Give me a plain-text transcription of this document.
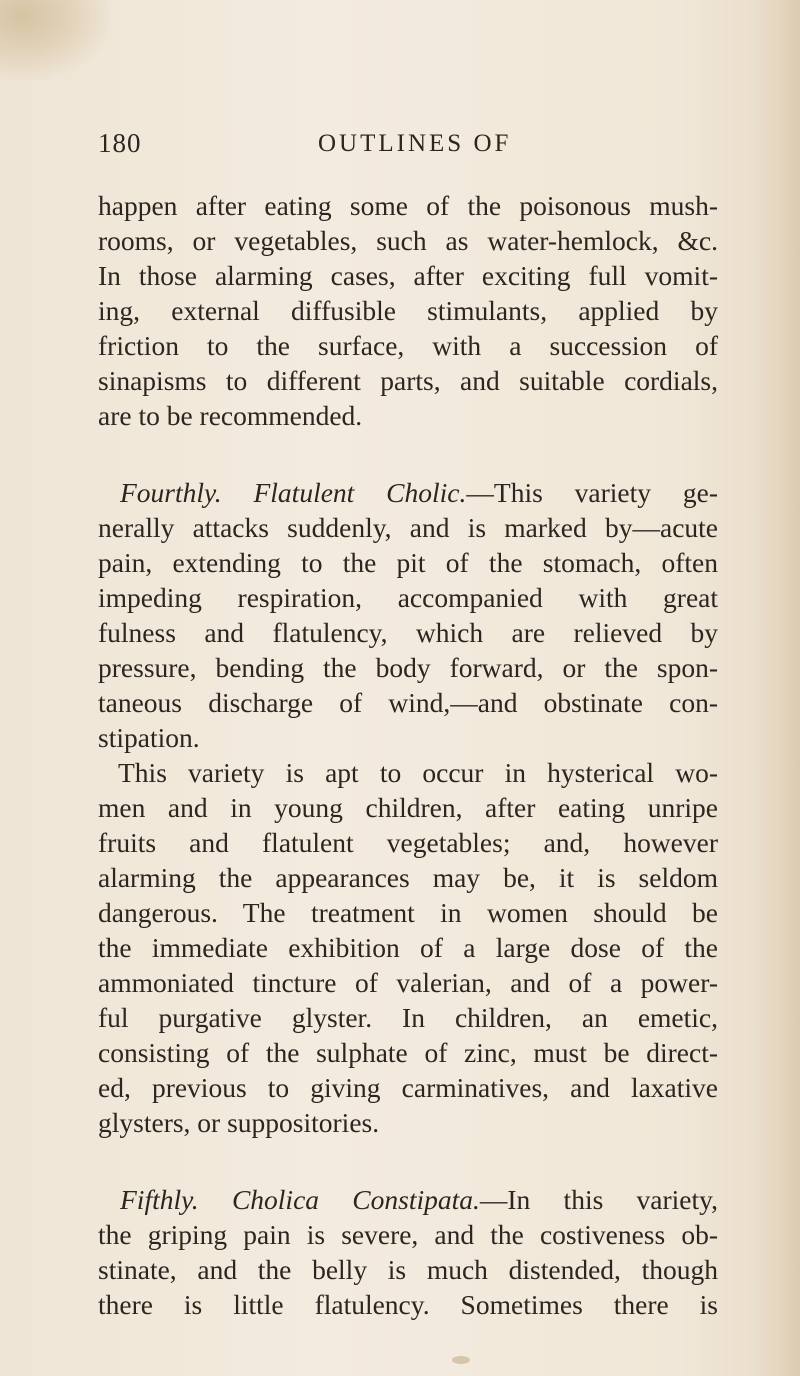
180	OUTLINES OF
happen after eating some of the poisonous mush-
rooms, or vegetables, such as water-hemlock, &c.
In those alarming cases, after exciting full vomit-
ing, external diffusible stimulants, applied by
friction to the surface, with a succession of
sinapisms to different parts, and suitable cordials,
are to be recommended.
Fourthly. Flatulent Cholic.—This variety ge-
nerally attacks suddenly, and is marked by—acute
pain, extending to the pit of the stomach, often
impeding respiration, accompanied with great
fulness and flatulency, which are relieved by
pressure, bending the body forward, or the spon-
taneous discharge of wind,—and obstinate con-
stipation.
This variety is apt to occur in hysterical wo-
men and in young children, after eating unripe
fruits and flatulent vegetables; and, however
alarming the appearances may be, it is seldom
dangerous. The treatment in women should be
the immediate exhibition of a large dose of the
ammoniated tincture of valerian, and of a power-
ful purgative glyster. In children, an emetic,
consisting of the sulphate of zinc, must be direct-
ed, previous to giving carminatives, and laxative
glysters, or suppositories.
Fifthly. Cholica Constipata.—In this variety,
the griping pain is severe, and the costiveness ob-
stinate, and the belly is much distended, though
there is little flatulency. Sometimes there is
